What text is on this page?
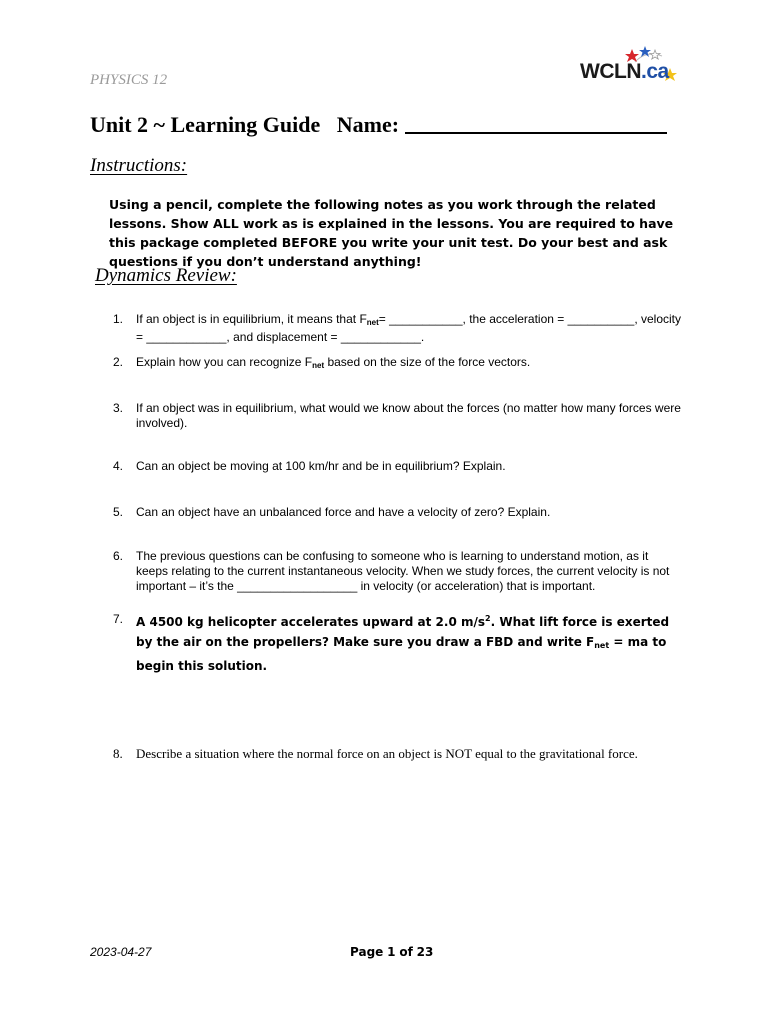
PHYSICS 12	WCLN.ca
Unit 2 ~ Learning Guide Name:
Instructions:
Using a pencil, complete the following notes as you work through the related lessons. Show ALL work as is explained in the lessons. You are required to have this package completed BEFORE you write your unit test. Do your best and ask questions if you don’t understand anything!
Dynamics Review:
1. If an object is in equilibrium, it means that $F_{net}=$ ___________, the acceleration = __________, velocity = ____________, and displacement = ____________.
2. Explain how you can recognize $F_{net}$ based on the size of the force vectors.
3. If an object was in equilibrium, what would we know about the forces (no matter how many forces were involved).
4. Can an object be moving at 100 km/hr and be in equilibrium? Explain.
5. Can an object have an unbalanced force and have a velocity of zero? Explain.
6. The previous questions can be confusing to someone who is learning to understand motion, as it keeps relating to the current instantaneous velocity. When we study forces, the current velocity is not important – it’s the __________________ in velocity (or acceleration) that is important.
7. A 4500 kg helicopter accelerates upward at 2.0 $m/s^2$. What lift force is exerted by the air on the propellers? Make sure you draw a FBD and write $F_{net}$ = ma to begin this solution.
8. Describe a situation where the normal force on an object is NOT equal to the gravitational force.
2023-04-27	Page 1 of 23
